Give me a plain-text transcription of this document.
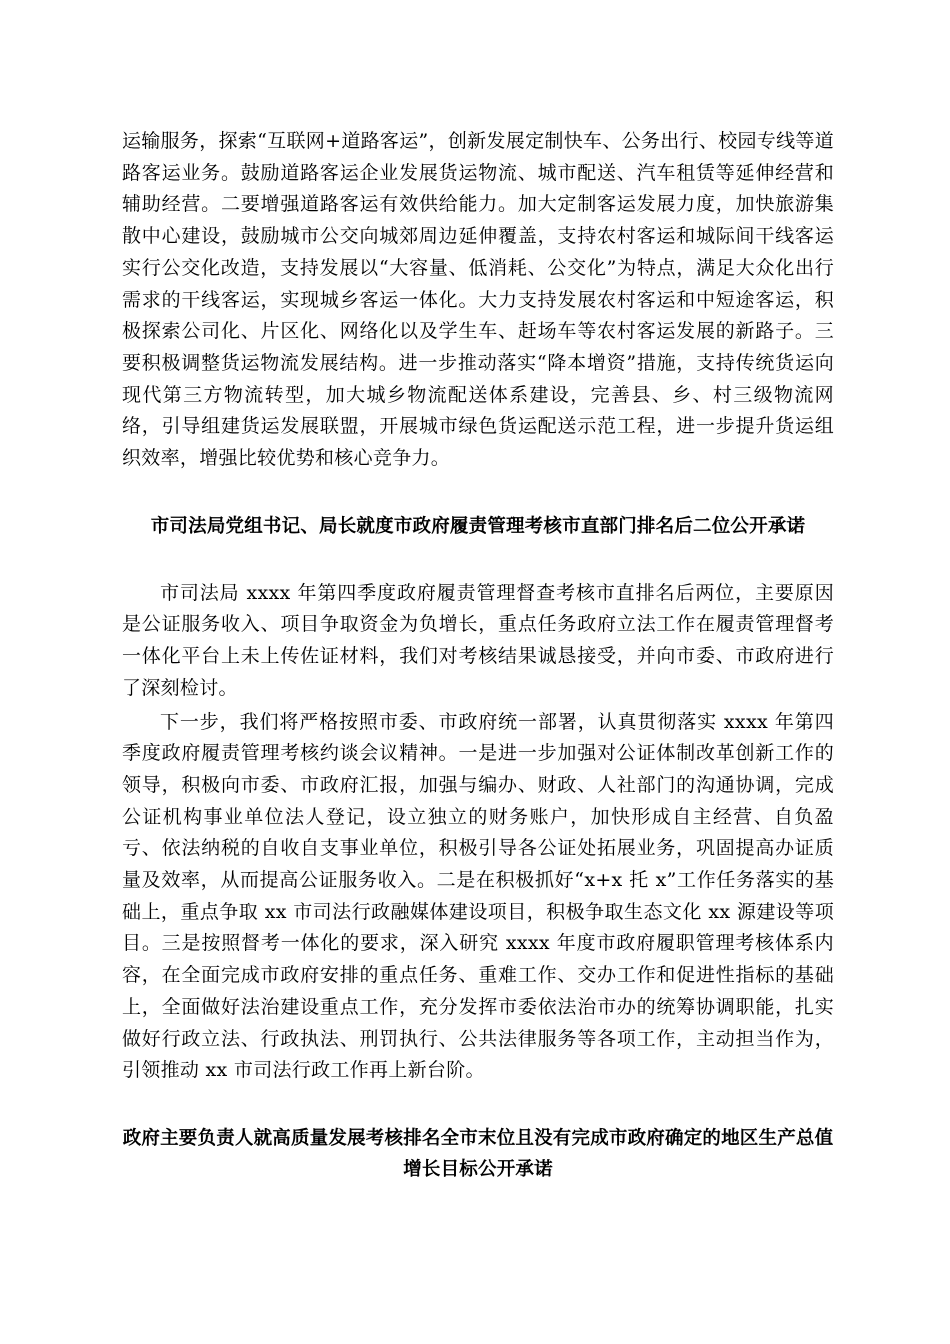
运输服务，探索“互联网+道路客运”，创新发展定制快车、公务出行、校园专线等道路客运业务。鼓励道路客运企业发展货运物流、城市配送、汽车租赁等延伸经营和辅助经营。二要增强道路客运有效供给能力。加大定制客运发展力度，加快旅游集散中心建设，鼓励城市公交向城郊周边延伸覆盖，支持农村客运和城际间干线客运实行公交化改造，支持发展以“大容量、低消耗、公交化”为特点，满足大众化出行需求的干线客运，实现城乡客运一体化。大力支持发展农村客运和中短途客运，积极探索公司化、片区化、网络化以及学生车、赶场车等农村客运发展的新路子。三要积极调整货运物流发展结构。进一步推动落实“降本增资”措施，支持传统货运向现代第三方物流转型，加大城乡物流配送体系建设，完善县、乡、村三级物流网络，引导组建货运发展联盟，开展城市绿色货运配送示范工程，进一步提升货运组织效率，增强比较优势和核心竞争力。

市司法局党组书记、局长就度市政府履责管理考核市直部门排名后二位公开承诺

市司法局 xxxx 年第四季度政府履责管理督查考核市直排名后两位，主要原因是公证服务收入、项目争取资金为负增长，重点任务政府立法工作在履责管理督考一体化平台上未上传佐证材料，我们对考核结果诚恳接受，并向市委、市政府进行了深刻检讨。

下一步，我们将严格按照市委、市政府统一部署，认真贯彻落实 xxxx 年第四季度政府履责管理考核约谈会议精神。一是进一步加强对公证体制改革创新工作的领导，积极向市委、市政府汇报，加强与编办、财政、人社部门的沟通协调，完成公证机构事业单位法人登记，设立独立的财务账户，加快形成自主经营、自负盈亏、依法纳税的自收自支事业单位，积极引导各公证处拓展业务，巩固提高办证质量及效率，从而提高公证服务收入。二是在积极抓好“x+x 托 x”工作任务落实的基础上，重点争取 xx 市司法行政融媒体建设项目，积极争取生态文化 xx 源建设等项目。三是按照督考一体化的要求，深入研究 xxxx 年度市政府履职管理考核体系内容，在全面完成市政府安排的重点任务、重难工作、交办工作和促进性指标的基础上，全面做好法治建设重点工作，充分发挥市委依法治市办的统筹协调职能，扎实做好行政立法、行政执法、刑罚执行、公共法律服务等各项工作，主动担当作为，引领推动 xx 市司法行政工作再上新台阶。

政府主要负责人就高质量发展考核排名全市末位且没有完成市政府确定的地区生产总值增长目标公开承诺
